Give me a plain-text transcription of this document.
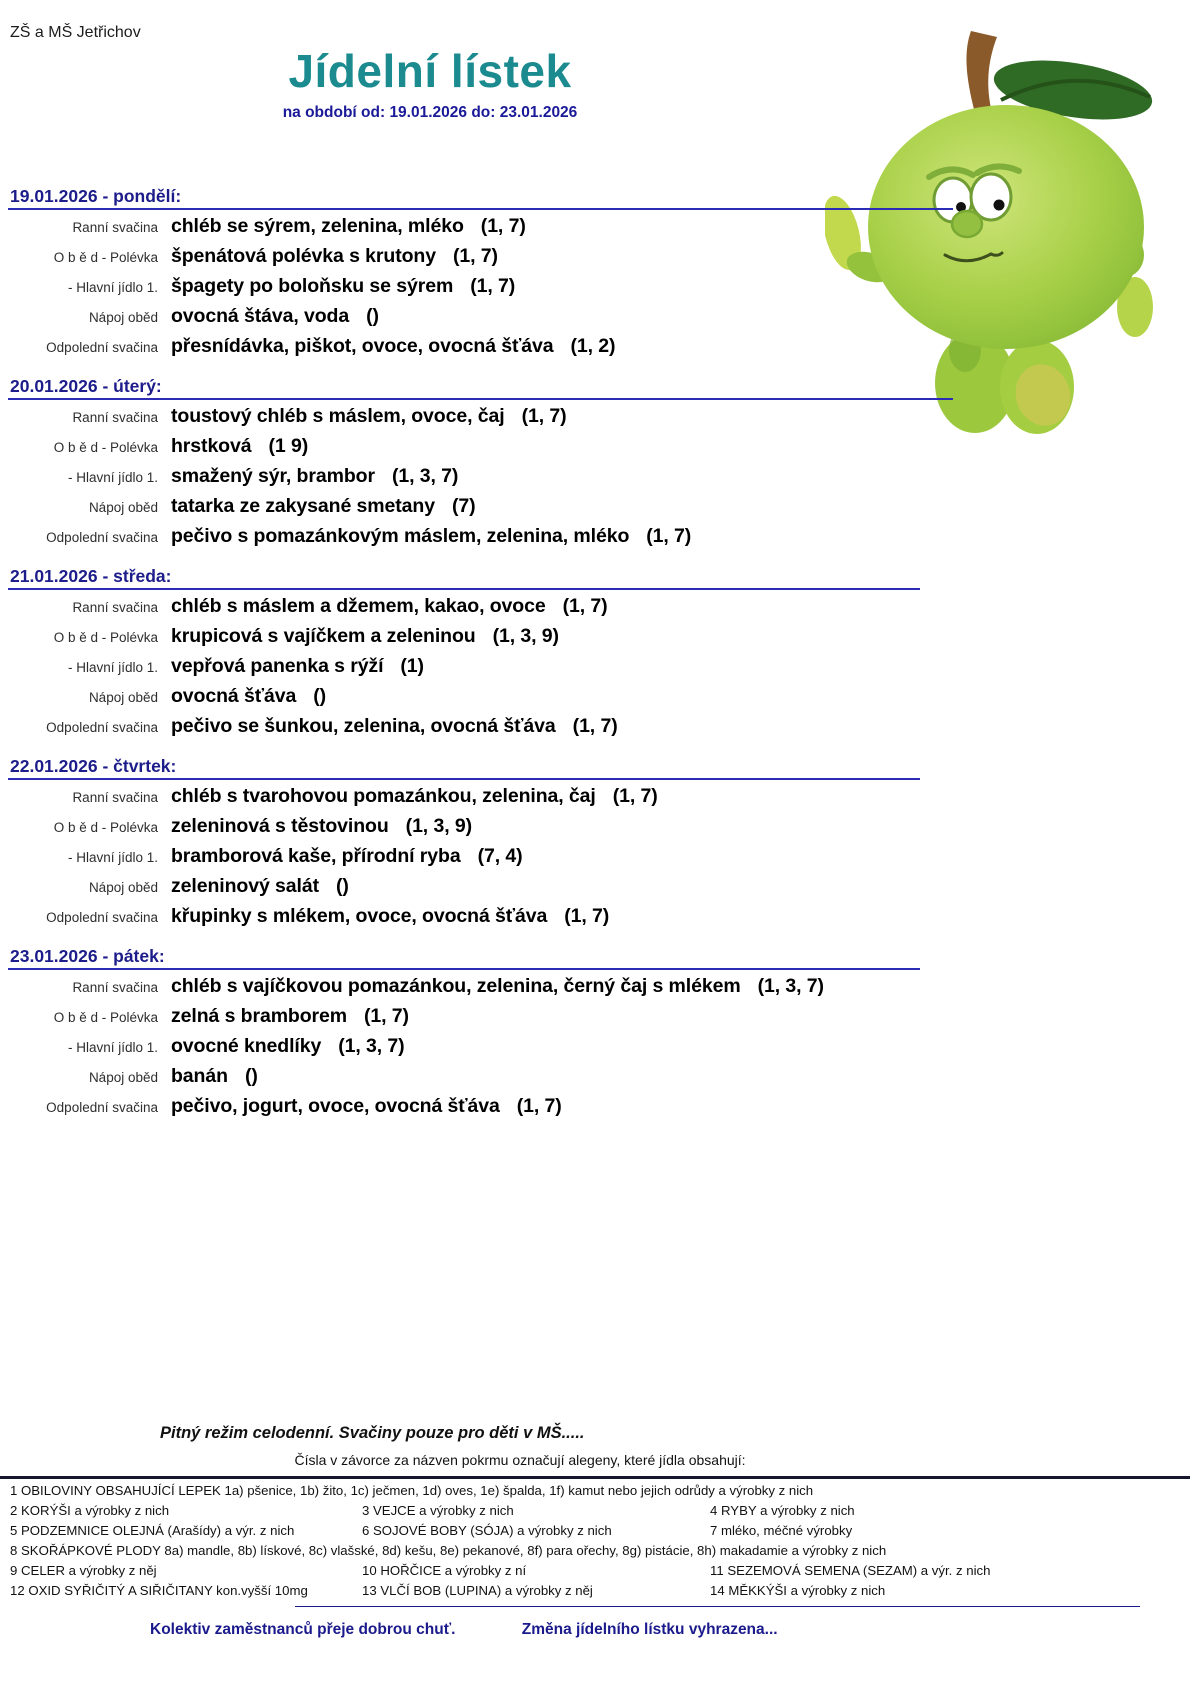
ZŠ a MŠ Jetřichov
Jídelní lístek
na období od: 19.01.2026 do: 23.01.2026
19.01.2026 - pondělí:
Ranní svačina chléb se sýrem, zelenina, mléko (1, 7)
O b ě d - Polévka špenátová polévka s krutony (1, 7)
- Hlavní jídlo 1. špagety po boloňsku se sýrem (1, 7)
Nápoj oběd ovocná štáva, voda ()
Odpolední svačina přesnídávka, piškot, ovoce, ovocná šťáva (1, 2)
20.01.2026 - úterý:
Ranní svačina toustový chléb s máslem, ovoce, čaj (1, 7)
O b ě d - Polévka hrstková (1 9)
- Hlavní jídlo 1. smažený sýr, brambor (1, 3, 7)
Nápoj oběd tatarka ze zakysané smetany (7)
Odpolední svačina pečivo s pomazánkovým máslem, zelenina, mléko (1, 7)
21.01.2026 - středa:
Ranní svačina chléb s máslem a džemem, kakao, ovoce (1, 7)
O b ě d - Polévka krupicová s vajíčkem a zeleninou (1, 3, 9)
- Hlavní jídlo 1. vepřová panenka s rýží (1)
Nápoj oběd ovocná šťáva ()
Odpolední svačina pečivo se šunkou, zelenina, ovocná šťáva (1, 7)
22.01.2026 - čtvrtek:
Ranní svačina chléb s tvarohovou pomazánkou, zelenina, čaj (1, 7)
O b ě d - Polévka zeleninová s těstovinou (1, 3, 9)
- Hlavní jídlo 1. bramborová kaše, přírodní ryba (7, 4)
Nápoj oběd zeleninový salát ()
Odpolední svačina křupinky s mlékem, ovoce, ovocná šťáva (1, 7)
23.01.2026 - pátek:
Ranní svačina chléb s vajíčkovou pomazánkou, zelenina, černý čaj s mlékem (1, 3, 7)
O b ě d - Polévka zelná s bramborem (1, 7)
- Hlavní jídlo 1. ovocné knedlíky (1, 3, 7)
Nápoj oběd banán ()
Odpolední svačina pečivo, jogurt, ovoce, ovocná šťáva (1, 7)
Pitný režim celodenní. Svačiny pouze pro děti v MŠ.....
Čísla v závorce za názven pokrmu označují alegeny, které jídla obsahují:
1 OBILOVINY OBSAHUJÍCÍ LEPEK 1a) pšenice, 1b) žito, 1c) ječmen, 1d) oves, 1e) špalda, 1f) kamut nebo jejich odrůdy a výrobky z nich
2 KORÝŠI a výrobky z nich	3 VEJCE a výrobky z nich	4 RYBY a výrobky z nich
5 PODZEMNICE OLEJNÁ (Arašídy) a výr. z nich	6 SOJOVÉ BOBY (SÓJA) a výrobky z nich	7 mléko, méčné výrobky
8 SKOŘÁPKOVÉ PLODY 8a) mandle, 8b) lískové, 8c) vlašské, 8d) kešu, 8e) pekanové, 8f) para ořechy, 8g) pistácie, 8h) makadamie a výrobky z nich
9 CELER a výrobky z něj	10 HOŘČICE a výrobky z ní	11 SEZEMOVÁ SEMENA (SEZAM) a výr. z nich
12 OXID SYŘIČITÝ A SIŘIČITANY kon.vyšší 10mg	13 VLČÍ BOB (LUPINA) a výrobky z něj	14 MĚKKÝŠI a výrobky z nich
Kolektiv zaměstnanců přeje dobrou chuť.	Změna jídelního lístku vyhrazena...
